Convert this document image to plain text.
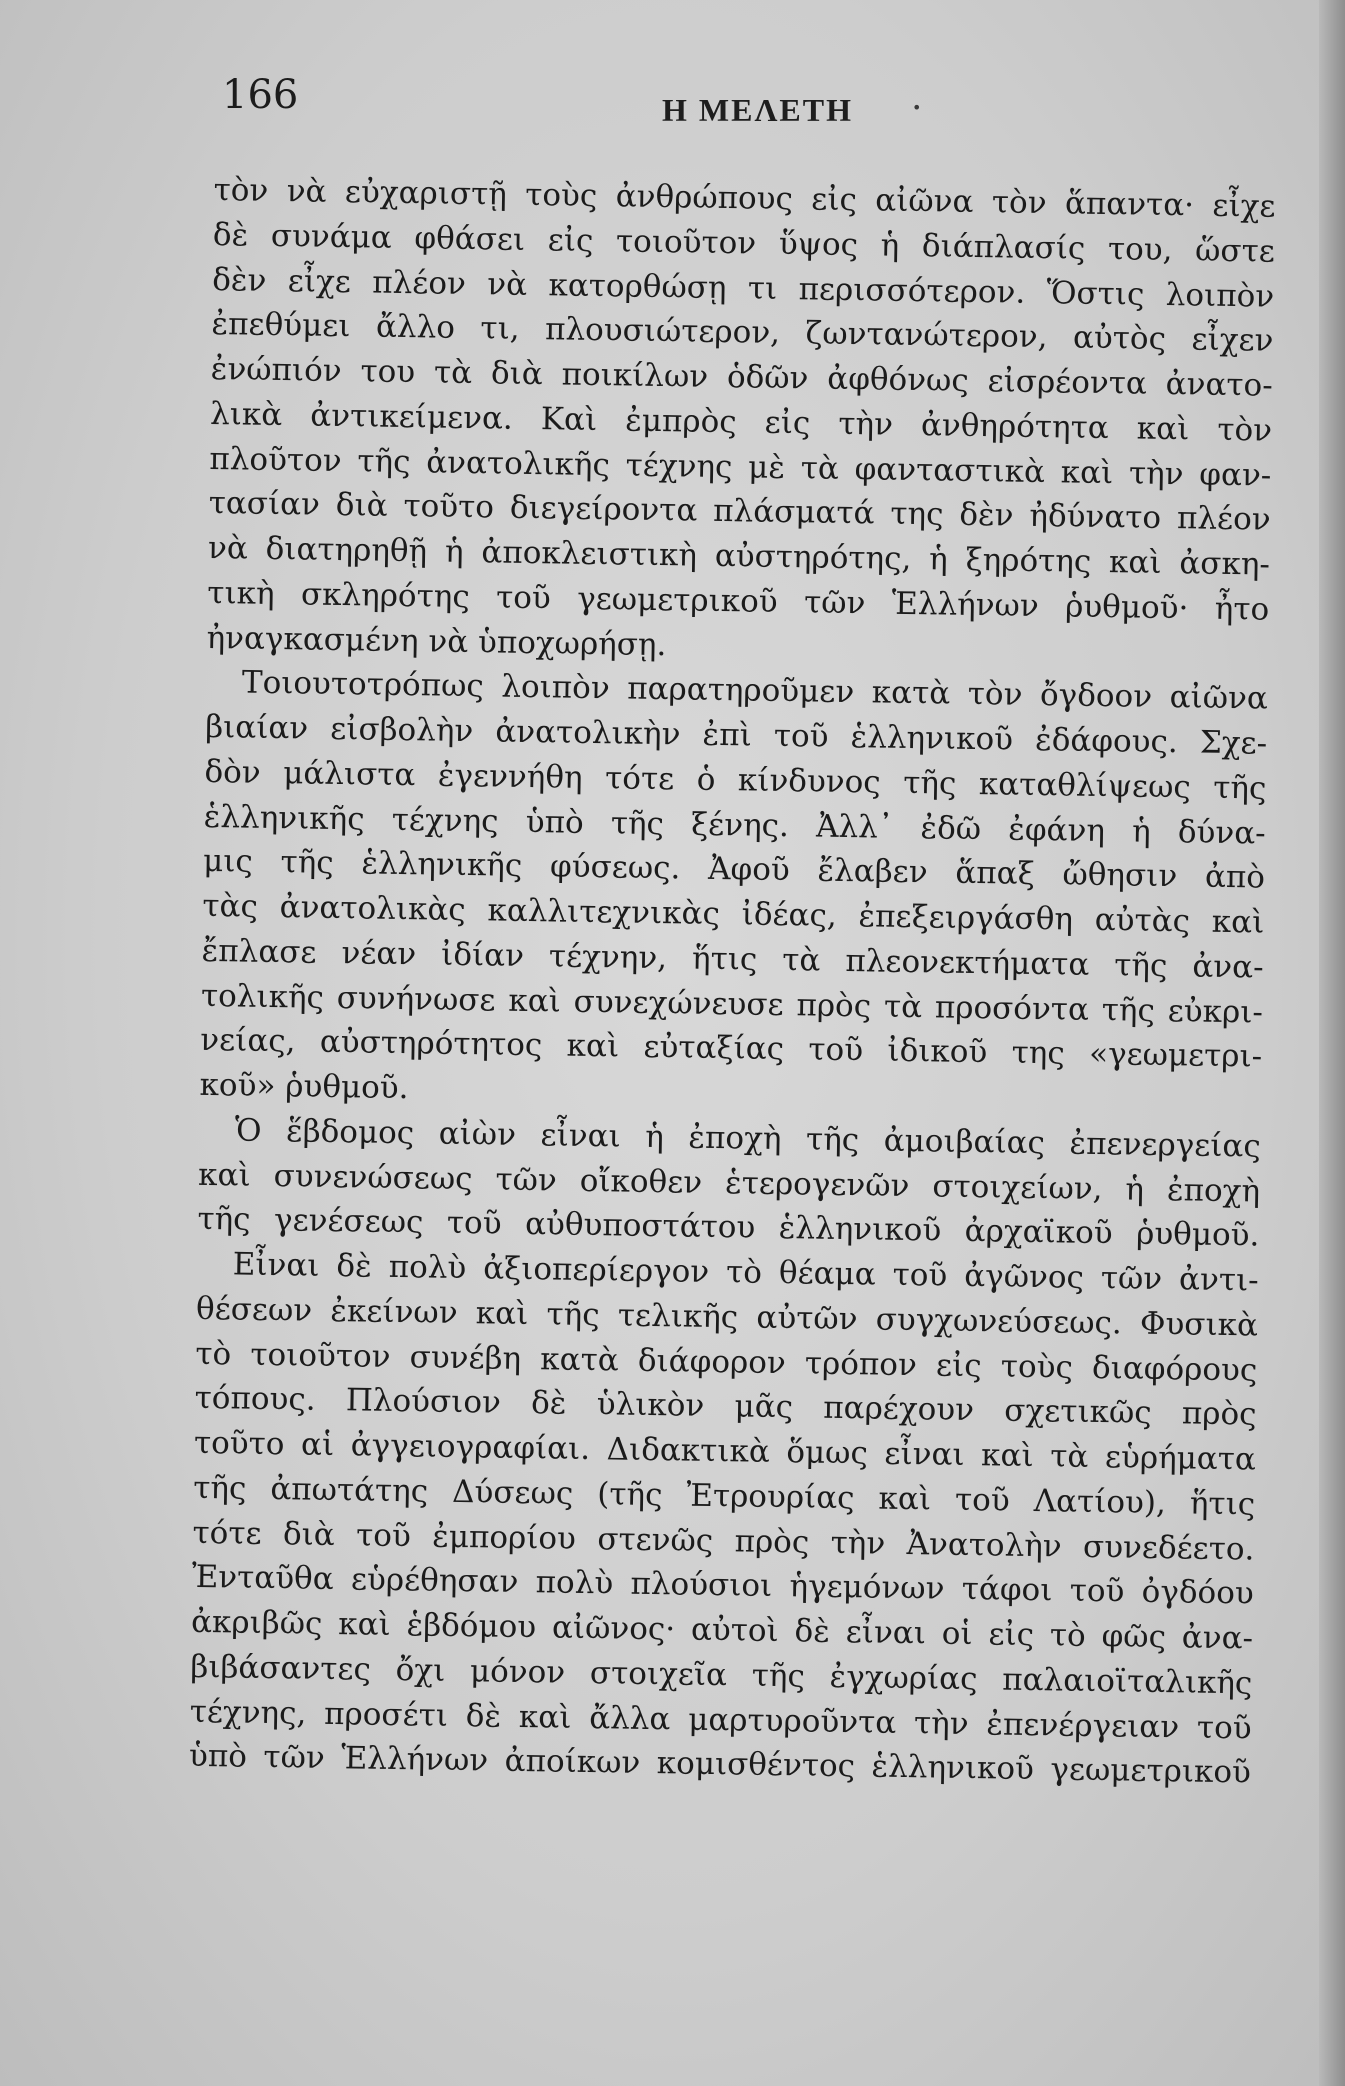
166	Η ΜΕΛΕΤΗ	•
τὸν νὰ εὐχαριστῇ τοὺς ἀνθρώπους εἰς αἰῶνα τὸν ἅπαντα· εἶχε
δὲ συνάμα φθάσει εἰς τοιοῦτον ὕψος ἡ διάπλασίς του, ὥστε
δὲν εἶχε πλέον νὰ κατορθώσῃ τι περισσότερον. Ὅστις λοιπὸν
ἐπεθύμει ἄλλο τι, πλουσιώτερον, ζωντανώτερον, αὐτὸς εἶχεν
ἐνώπιόν του τὰ διὰ ποικίλων ὁδῶν ἀφθόνως εἰσρέοντα ἀνατο-
λικὰ ἀντικείμενα. Καὶ ἐμπρὸς εἰς τὴν ἀνθηρότητα καὶ τὸν
πλοῦτον τῆς ἀνατολικῆς τέχνης μὲ τὰ φανταστικὰ καὶ τὴν φαν-
τασίαν διὰ τοῦτο διεγείροντα πλάσματά της δὲν ἠδύνατο πλέον
νὰ διατηρηθῇ ἡ ἀποκλειστικὴ αὐστηρότης, ἡ ξηρότης καὶ ἀσκη-
τικὴ σκληρότης τοῦ γεωμετρικοῦ τῶν Ἑλλήνων ῥυθμοῦ· ἦτο
ἠναγκασμένη νὰ ὑποχωρήσῃ.
Τοιουτοτρόπως λοιπὸν παρατηροῦμεν κατὰ τὸν ὄγδοον αἰῶνα
βιαίαν εἰσβολὴν ἀνατολικὴν ἐπὶ τοῦ ἑλληνικοῦ ἐδάφους. Σχε-
δὸν μάλιστα ἐγεννήθη τότε ὁ κίνδυνος τῆς καταθλίψεως τῆς
ἑλληνικῆς τέχνης ὑπὸ τῆς ξένης. Ἀλλ᾽ ἐδῶ ἐφάνη ἡ δύνα-
μις τῆς ἑλληνικῆς φύσεως. Ἀφοῦ ἔλαβεν ἅπαξ ὤθησιν ἀπὸ
τὰς ἀνατολικὰς καλλιτεχνικὰς ἰδέας, ἐπεξειργάσθη αὐτὰς καὶ
ἔπλασε νέαν ἰδίαν τέχνην, ἥτις τὰ πλεονεκτήματα τῆς ἀνα-
τολικῆς συνήνωσε καὶ συνεχώνευσε πρὸς τὰ προσόντα τῆς εὐκρι-
νείας, αὐστηρότητος καὶ εὐταξίας τοῦ ἰδικοῦ της «γεωμετρι-
κοῦ» ῥυθμοῦ.
Ὁ ἕβδομος αἰὼν εἶναι ἡ ἐποχὴ τῆς ἀμοιβαίας ἐπενεργείας
καὶ συνενώσεως τῶν οἴκοθεν ἑτερογενῶν στοιχείων, ἡ ἐποχὴ
τῆς γενέσεως τοῦ αὐθυποστάτου ἑλληνικοῦ ἀρχαϊκοῦ ῥυθμοῦ.
Εἶναι δὲ πολὺ ἀξιοπερίεργον τὸ θέαμα τοῦ ἀγῶνος τῶν ἀντι-
θέσεων ἐκείνων καὶ τῆς τελικῆς αὐτῶν συγχωνεύσεως. Φυσικὰ
τὸ τοιοῦτον συνέβη κατὰ διάφορον τρόπον εἰς τοὺς διαφόρους
τόπους. Πλούσιον δὲ ὑλικὸν μᾶς παρέχουν σχετικῶς πρὸς
τοῦτο αἱ ἀγγειογραφίαι. Διδακτικὰ ὅμως εἶναι καὶ τὰ εὑρήματα
τῆς ἀπωτάτης Δύσεως (τῆς Ἐτρουρίας καὶ τοῦ Λατίου), ἥτις
τότε διὰ τοῦ ἐμπορίου στενῶς πρὸς τὴν Ἀνατολὴν συνεδέετο.
Ἐνταῦθα εὑρέθησαν πολὺ πλούσιοι ἡγεμόνων τάφοι τοῦ ὀγδόου
ἀκριβῶς καὶ ἑβδόμου αἰῶνος· αὐτοὶ δὲ εἶναι οἱ εἰς τὸ φῶς ἀνα-
βιβάσαντες ὄχι μόνον στοιχεῖα τῆς ἐγχωρίας παλαιοϊταλικῆς
τέχνης, προσέτι δὲ καὶ ἄλλα μαρτυροῦντα τὴν ἐπενέργειαν τοῦ
ὑπὸ τῶν Ἑλλήνων ἀποίκων κομισθέντος ἑλληνικοῦ γεωμετρικοῦ
